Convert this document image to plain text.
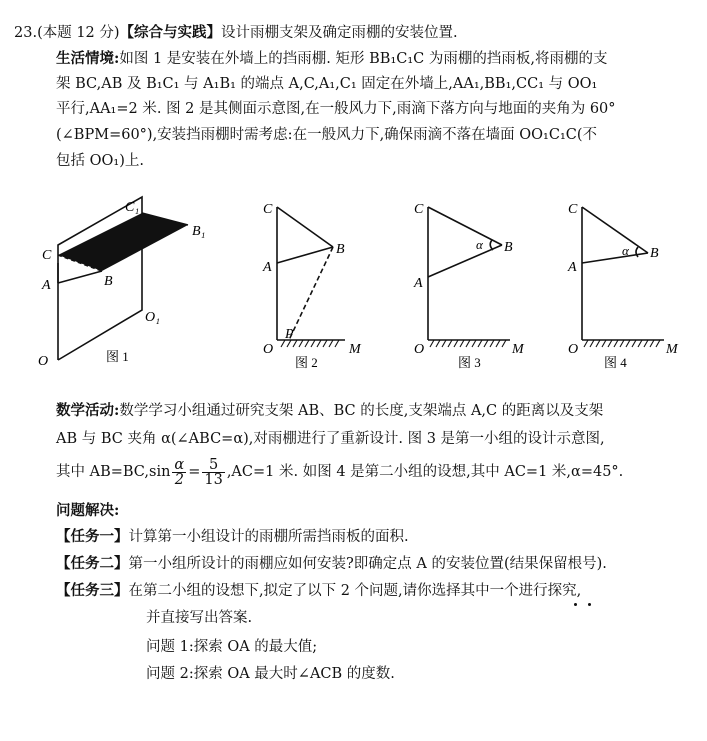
23.(本题 12 分)【综合与实践】设计雨棚支架及确定雨棚的安装位置.
生活情境:如图 1 是安装在外墙上的挡雨棚. 矩形 BB₁C₁C 为雨棚的挡雨板,将雨棚的支
架 BC,AB 及 B₁C₁ 与 A₁B₁ 的端点 A,C,A₁,C₁ 固定在外墙上,AA₁,BB₁,CC₁ 与 OO₁
平行,AA₁=2 米. 图 2 是其侧面示意图,在一般风力下,雨滴下落方向与地面的夹角为 60°
(∠BPM=60°),安装挡雨棚时需考虑:在一般风力下,确保雨滴不落在墙面 OO₁C₁C(不
包括 OO₁)上.
C₁
B₁
C
A	B
O₁
O	图 1
C
B
A
P
O	M
图 2
C
B
α
A
O	M
图 3
C
B
α
A
O	M
图 4
数学活动:数学学习小组通过研究支架 AB、BC 的长度,支架端点 A,C 的距离以及支架
AB 与 BC 夹角 α(∠ABC=α),对雨棚进行了重新设计. 图 3 是第一小组的设计示意图,
其中 $AB=BC,\sin \frac{\alpha}{2} = \frac{5}{13} ,AC=1$ 米. 如图 4 是第二小组的设想,其中 AC=1 米,α=45°.
问题解决:
【任务一】计算第一小组设计的雨棚所需挡雨板的面积.
【任务二】第一小组所设计的雨棚应如何安装?即确定点 A 的安装位置(结果保留根号).
【任务三】在第二小组的设想下,拟定了以下 2 个问题,请你选择其中一个进行探究,
并直接写出答案.
问题 1:探索 OA 的最大值;
问题 2:探索 OA 最大时∠ACB 的度数.
